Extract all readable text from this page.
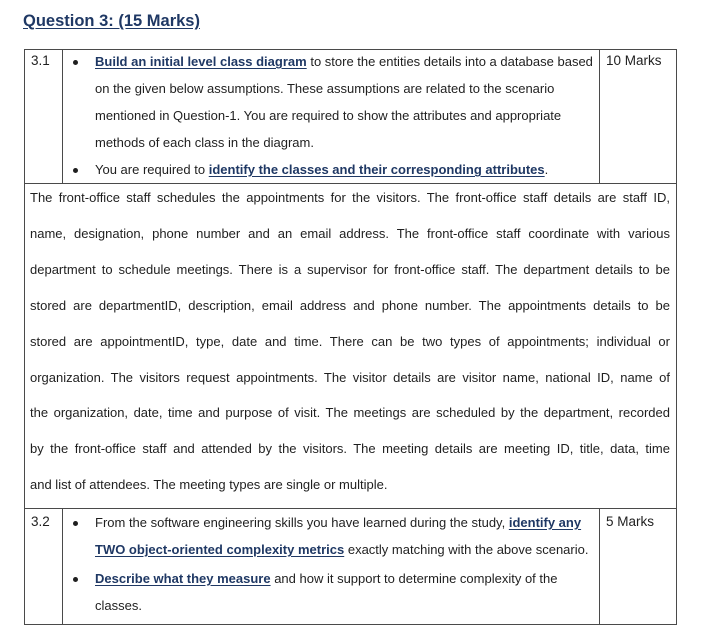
Question 3: (15 Marks)
3.1	10 Marks
Build an initial level class diagram to store the entities details into a database based
on the given below assumptions. These assumptions are related to the scenario
mentioned in Question-1. You are required to show the attributes and appropriate
methods of each class in the diagram.
You are required to identify the classes and their corresponding attributes.
The front-office staff schedules the appointments for the visitors. The front-office staff details are staff ID,
name, designation, phone number and an email address. The front-office staff coordinate with various
department to schedule meetings. There is a supervisor for front-office staff. The department details to be
stored are departmentID, description, email address and phone number. The appointments details to be
stored are appointmentID, type, date and time. There can be two types of appointments; individual or
organization. The visitors request appointments. The visitor details are visitor name, national ID, name of
the organization, date, time and purpose of visit. The meetings are scheduled by the department, recorded
by the front-office staff and attended by the visitors. The meeting details are meeting ID, title, data, time
and list of attendees. The meeting types are single or multiple.
3.2	5 Marks
From the software engineering skills you have learned during the study, identify any
TWO object-oriented complexity metrics exactly matching with the above scenario.
Describe what they measure and how it support to determine complexity of the
classes.
